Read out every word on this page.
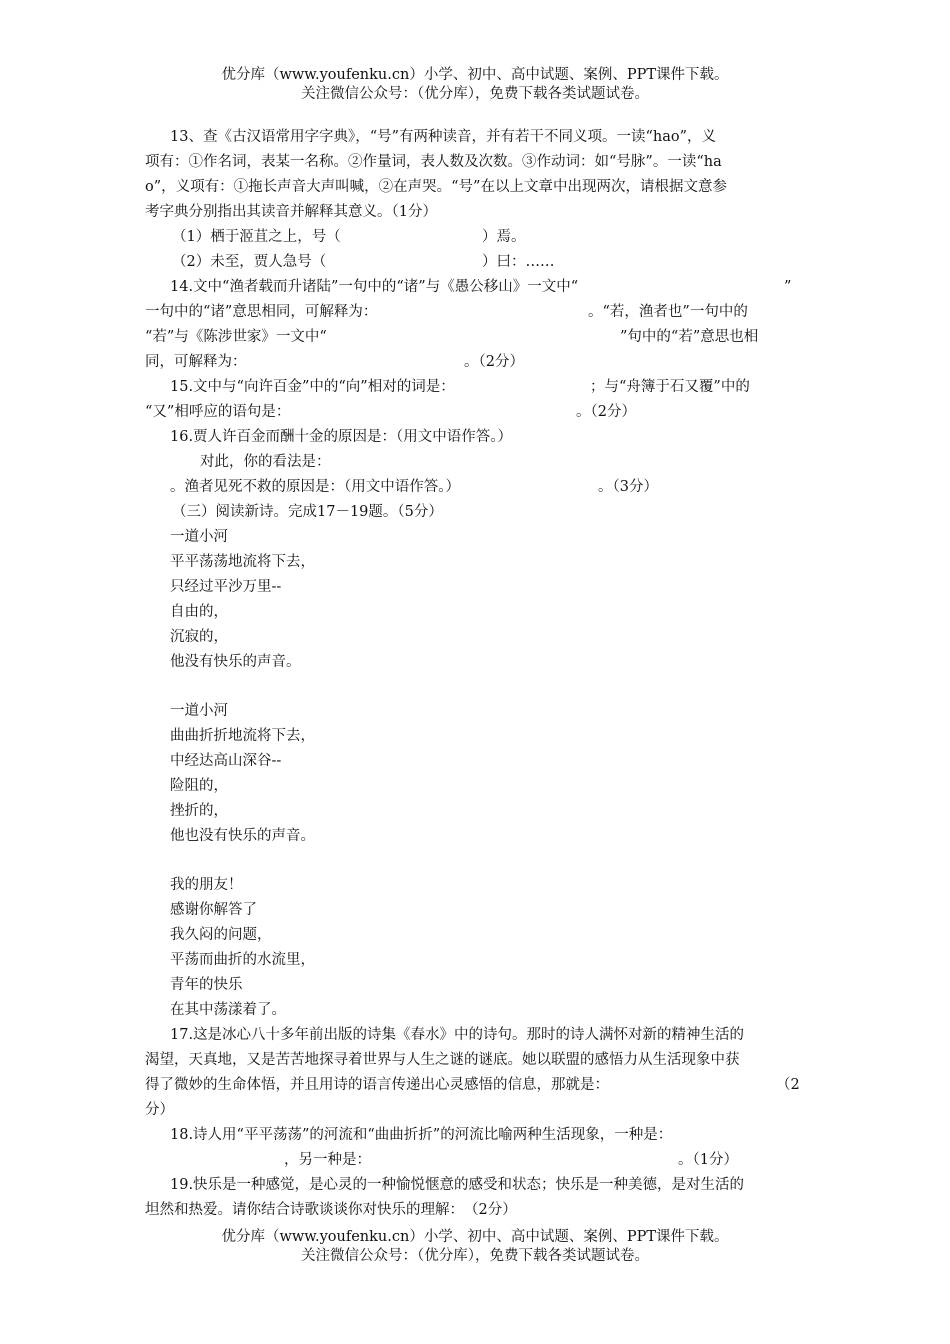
优分库（www.youfenku.cn）小学、初中、高中试题、案例、PPT课件下载。
关注微信公众号：（优分库），免费下载各类试题试卷。
13、查《古汉语常用字字典》，“号”有两种读音，并有若干不同义项。一读“hao”，义
项有：①作名词，表某一名称。②作量词，表人数及次数。③作动词：如“号脉”。一读“ha
o”，义项有：①拖长声音大声叫喊，②在声哭。“号”在以上文章中出现两次，请根据文意参
考字典分别指出其读音并解释其意义。（1分）
（1）栖于洍苴之上，号（	）焉。
（2）未至，贾人急号（	）曰：……
14.文中“渔者载而升诸陆”一句中的“诸”与《愚公移山》一文中“	”
一句中的“诸”意思相同，可解释为：	。“若，渔者也”一句中的
“若”与《陈涉世家》一文中“	”句中的“若”意思也相
同，可解释为：	。（2分）
15.文中与“向许百金”中的“向”相对的词是：	；与“舟簿于石又覆”中的
“又”相呼应的语句是：	。（2分）
16.贾人许百金而酬十金的原因是：（用文中语作答。）
对此，你的看法是：
。渔者见死不救的原因是：（用文中语作答。）	。（3分）
（三）阅读新诗。完成17－19题。（5分）
一道小河
平平荡荡地流将下去，
只经过平沙万里--
自由的，
沉寂的，
他没有快乐的声音。
一道小河
曲曲折折地流将下去，
中经达高山深谷--
险阻的，
挫折的，
他也没有快乐的声音。
我的朋友！
感谢你解答了
我久闷的问题，
平荡而曲折的水流里，
青年的快乐
在其中荡漾着了。
17.这是冰心八十多年前出版的诗集《春水》中的诗句。那时的诗人满怀对新的精神生活的
渴望，天真地，又是苦苦地探寻着世界与人生之谜的谜底。她以联盟的感悟力从生活现象中获
得了微妙的生命体悟，并且用诗的语言传递出心灵感悟的信息，那就是：	（2
分）
18.诗人用“平平荡荡”的河流和“曲曲折折”的河流比喻两种生活现象，一种是：
，另一种是：	。（1分）
19.快乐是一种感觉，是心灵的一种愉悦惬意的感受和状态；快乐是一种美德，是对生活的
坦然和热爱。请你结合诗歌谈谈你对快乐的理解：　（2分）
优分库（www.youfenku.cn）小学、初中、高中试题、案例、PPT课件下载。
关注微信公众号：（优分库），免费下载各类试题试卷。
